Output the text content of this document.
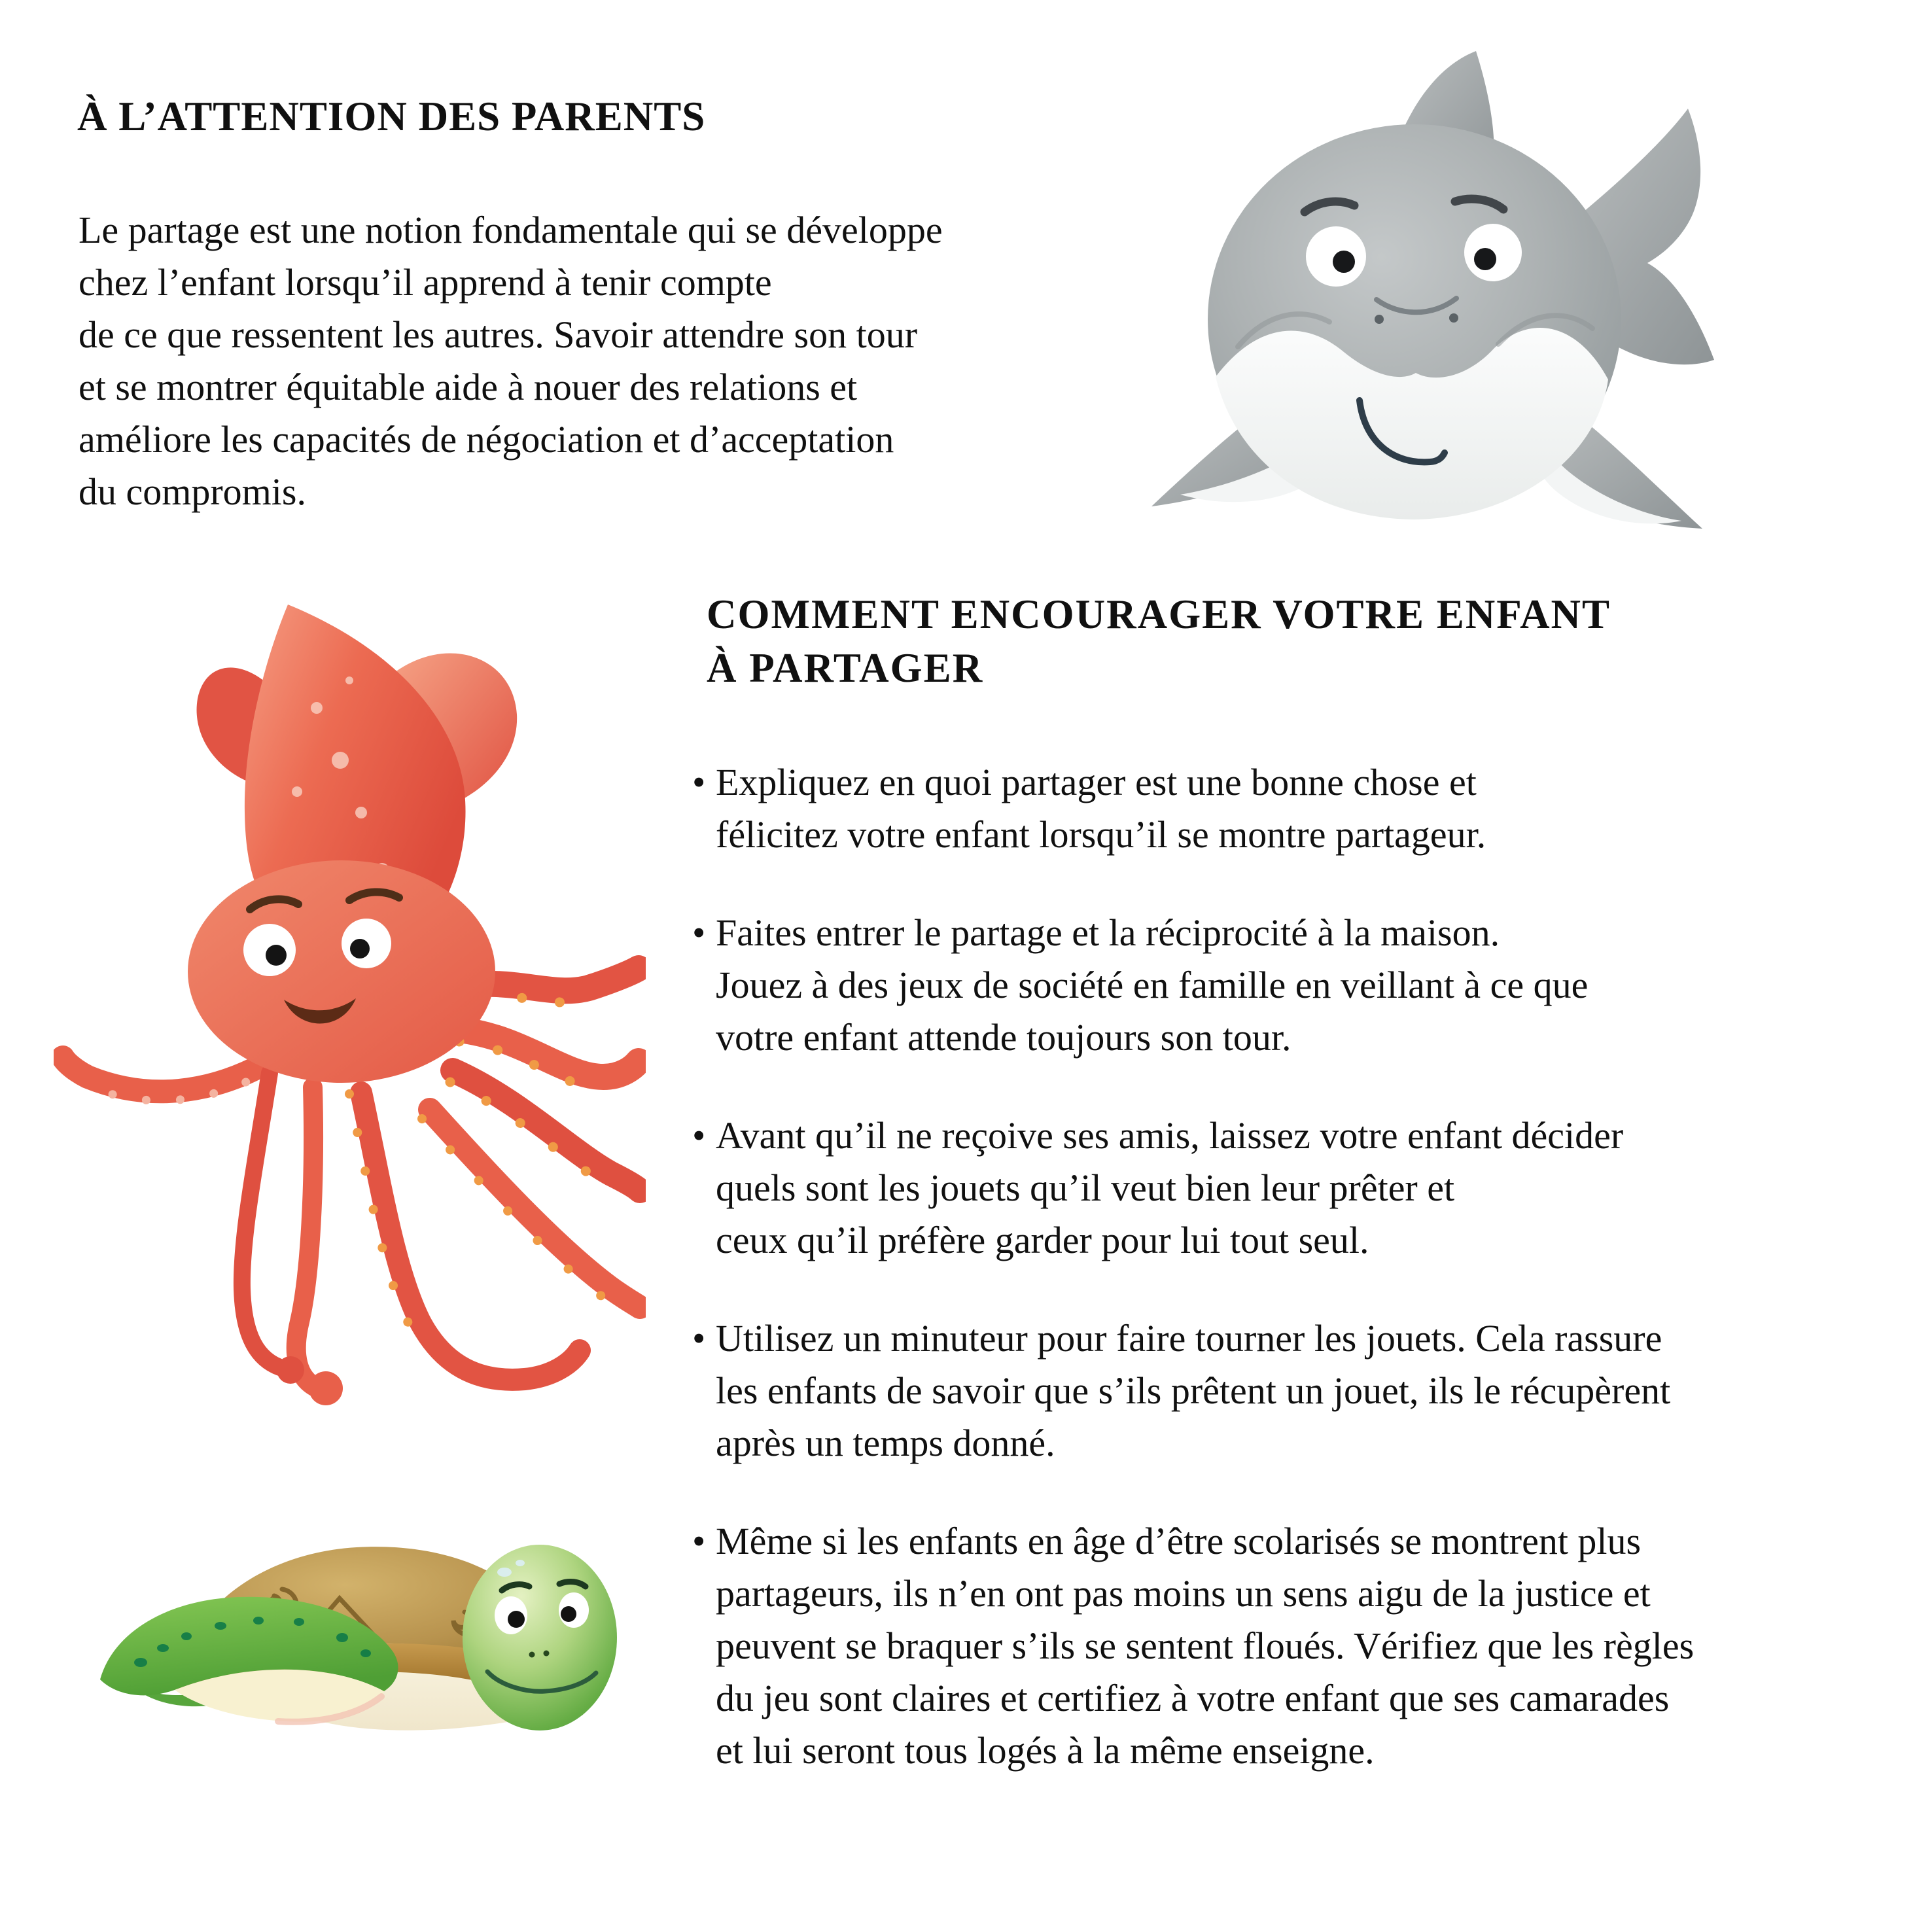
À L’ATTENTION DES PARENTS
Le partage est une notion fondamentale qui se développe
chez l’enfant lorsqu’il apprend à tenir compte
de ce que ressentent les autres. Savoir attendre son tour
et se montrer équitable aide à nouer des relations et
améliore les capacités de négociation et d’acceptation
du compromis.
COMMENT ENCOURAGER VOTRE ENFANT
À PARTAGER
• Expliquez en quoi partager est une bonne chose et
félicitez votre enfant lorsqu’il se montre partageur.
• Faites entrer le partage et la réciprocité à la maison.
Jouez à des jeux de société en famille en veillant à ce que
votre enfant attende toujours son tour.
• Avant qu’il ne reçoive ses amis, laissez votre enfant décider
quels sont les jouets qu’il veut bien leur prêter et
ceux qu’il préfère garder pour lui tout seul.
• Utilisez un minuteur pour faire tourner les jouets. Cela rassure
les enfants de savoir que s’ils prêtent un jouet, ils le récupèrent
après un temps donné.
• Même si les enfants en âge d’être scolarisés se montrent plus
partageurs, ils n’en ont pas moins un sens aigu de la justice et
peuvent se braquer s’ils se sentent floués. Vérifiez que les règles
du jeu sont claires et certifiez à votre enfant que ses camarades
et lui seront tous logés à la même enseigne.
